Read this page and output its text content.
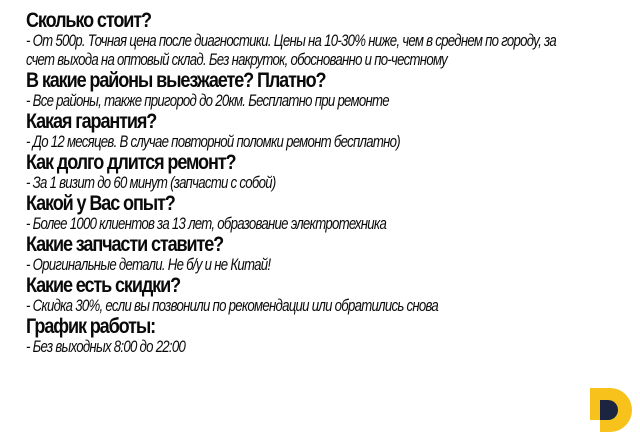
Сколько стоит?
- От 500р. Точная цена после диагностики. Цены на 10-30% ниже, чем в среднем по городу, за счет выхода на оптовый склад. Без накруток, обоснованно и по-честному
В какие районы выезжаете? Платно?
- Все районы, также пригород до 20км. Бесплатно при ремонте
Какая гарантия?
- До 12 месяцев. В случае повторной поломки ремонт бесплатно)
Как долго длится ремонт?
- За 1 визит до 60 минут (запчасти с собой)
Какой у Вас опыт?
- Более 1000 клиентов за 13 лет, образование электротехника
Какие запчасти ставите?
- Оригинальные детали. Не б/у и не Китай!
Какие есть скидки?
- Скидка 30%, если вы позвонили по рекомендации или обратились снова
График работы:
- Без выходных 8:00 до 22:00
